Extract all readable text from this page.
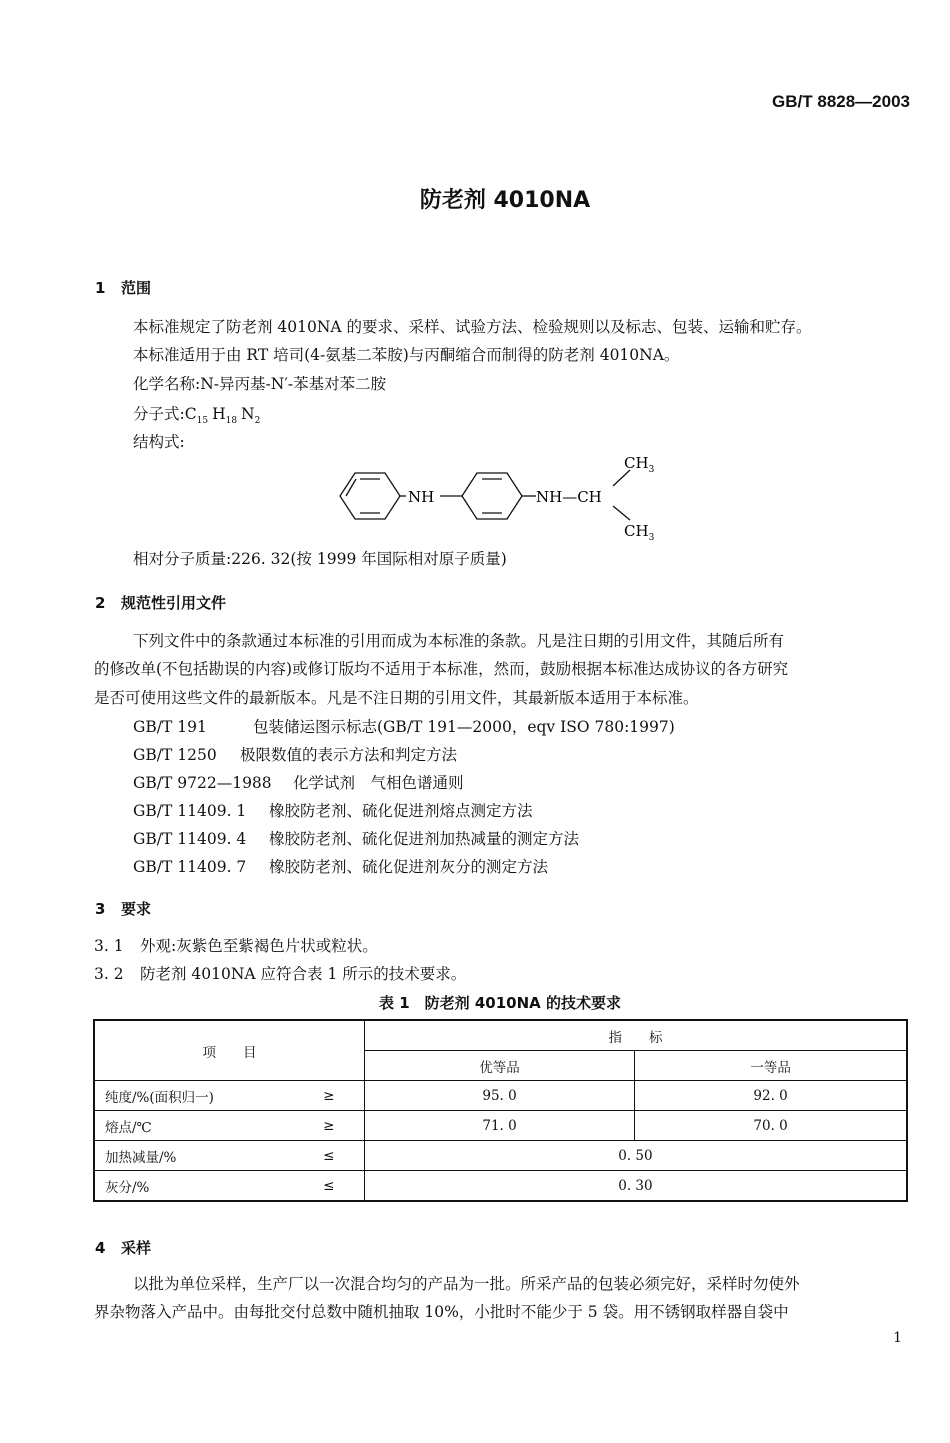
GB/T 8828—2003
防老剂 4010NA
1 范围
本标准规定了防老剂 4010NA 的要求、采样、试验方法、检验规则以及标志、包装、运输和贮存。
本标准适用于由 RT 培司(4-氨基二苯胺)与丙酮缩合而制得的防老剂 4010NA。
化学名称:N-异丙基-N′-苯基对苯二胺
分子式$:C_{15}$ $H_{18}$ $N_2$
结构式:
NH	NH—CH
$CH_3$
$CH_3$
相对分子质量:226. 32(按 1999 年国际相对原子质量)
2 规范性引用文件
下列文件中的条款通过本标准的引用而成为本标准的条款。凡是注日期的引用文件，其随后所有
的修改单(不包括勘误的内容)或修订版均不适用于本标准，然而，鼓励根据本标准达成协议的各方研究
是否可使用这些文件的最新版本。凡是不注日期的引用文件，其最新版本适用于本标准。
GB/T 191	包装储运图示标志(GB/T 191—2000，eqv ISO 780:1997)
GB/T 1250 极限数值的表示方法和判定方法
GB/T 9722—1988 化学试剂　气相色谱通则
GB/T 11409. 1 橡胶防老剂、硫化促进剂熔点测定方法
GB/T 11409. 4 橡胶防老剂、硫化促进剂加热减量的测定方法
GB/T 11409. 7 橡胶防老剂、硫化促进剂灰分的测定方法
3 要求
3. 1 外观:灰紫色至紫褐色片状或粒状。
3. 2 防老剂 4010NA 应符合表 1 所示的技术要求。
表 1　防老剂 4010NA 的技术要求
项　　目		指　　标	
		优等品	一等品
纯度/%(面积归一)	≥	95. 0	92. 0
熔点/℃	≥	71. 0	70. 0
加热减量/%	≤	0. 50	
灰分/%	≤	0. 30	
4 采样
以批为单位采样，生产厂以一次混合均匀的产品为一批。所采产品的包装必须完好，采样时勿使外
界杂物落入产品中。由每批交付总数中随机抽取 10%，小批时不能少于 5 袋。用不锈钢取样器自袋中
1
